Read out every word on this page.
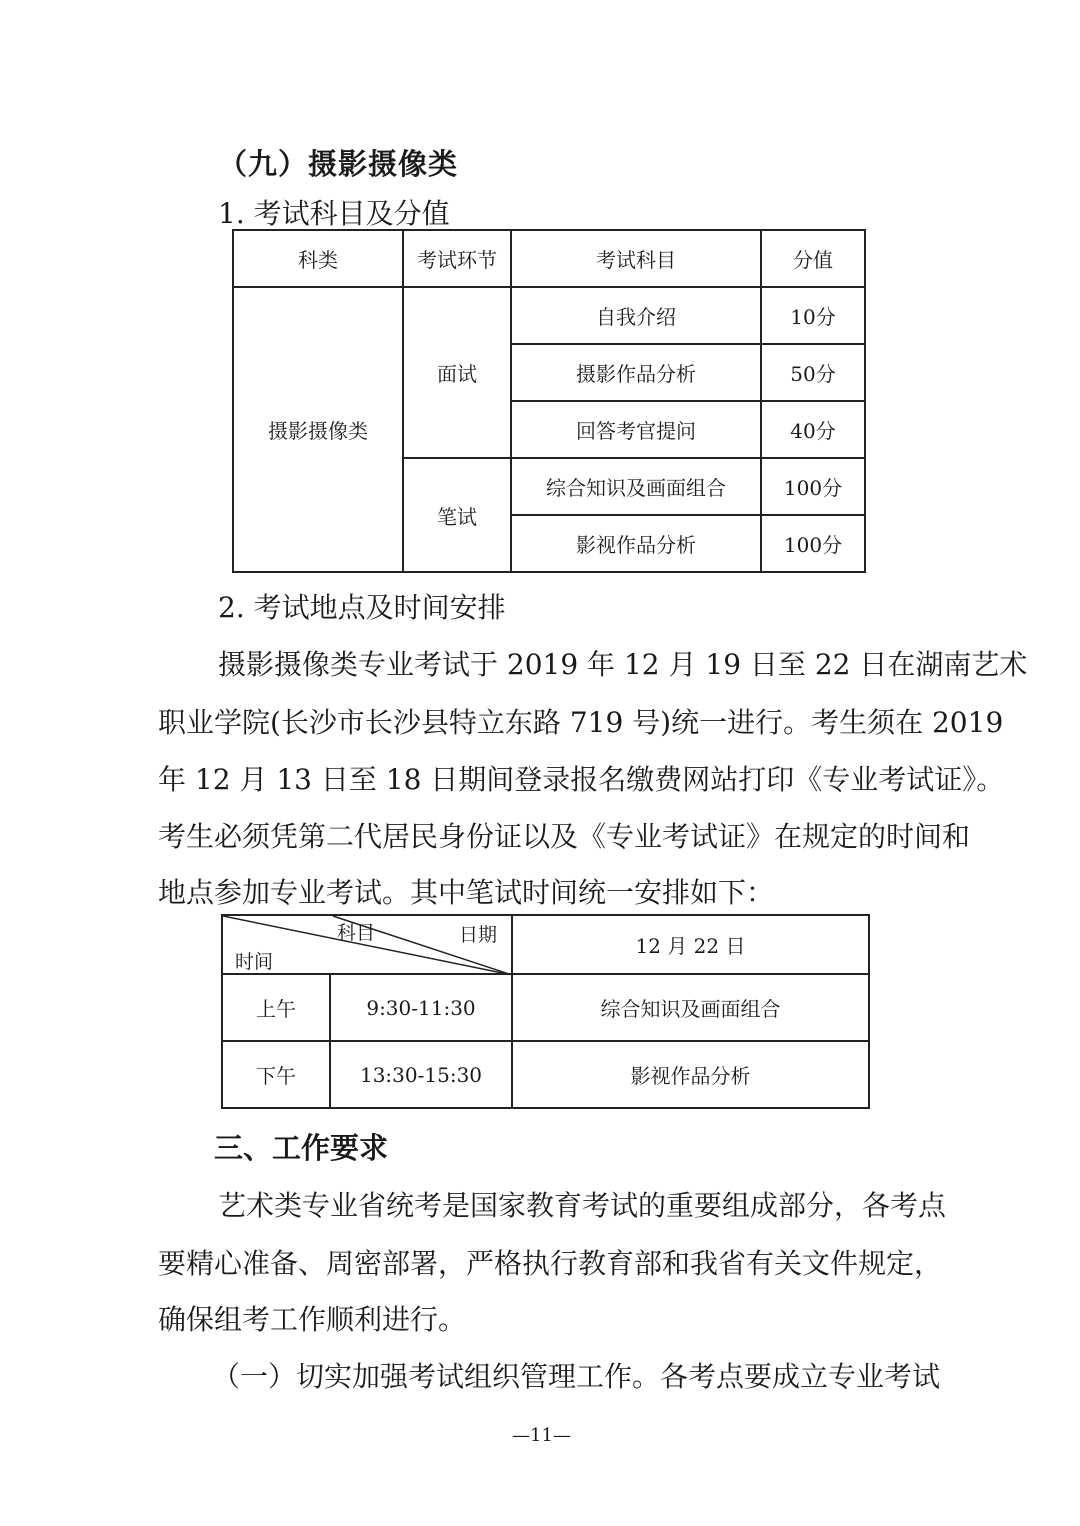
（九）摄影摄像类
1. 考试科目及分值
科类	考试环节	考试科目	分值
摄影摄像类	面试	自我介绍	10分
		摄影作品分析	50分
		回答考官提问	40分
	笔试	综合知识及画面组合	100分
		影视作品分析	100分
2. 考试地点及时间安排
摄影摄像类专业考试于 2019 年 12 月 19 日至 22 日在湖南艺术
职业学院(长沙市长沙县特立东路 719 号)统一进行。考生须在 2019
年 12 月 13 日至 18 日期间登录报名缴费网站打印《专业考试证》。
考生必须凭第二代居民身份证以及《专业考试证》在规定的时间和
地点参加专业考试。其中笔试时间统一安排如下：
科目 日期
时间		12 月 22 日
上午	9:30-11:30	综合知识及画面组合
下午	13:30-15:30	影视作品分析
三、工作要求
艺术类专业省统考是国家教育考试的重要组成部分，各考点
要精心准备、周密部署，严格执行教育部和我省有关文件规定，
确保组考工作顺利进行。
（一）切实加强考试组织管理工作。各考点要成立专业考试
—11—
